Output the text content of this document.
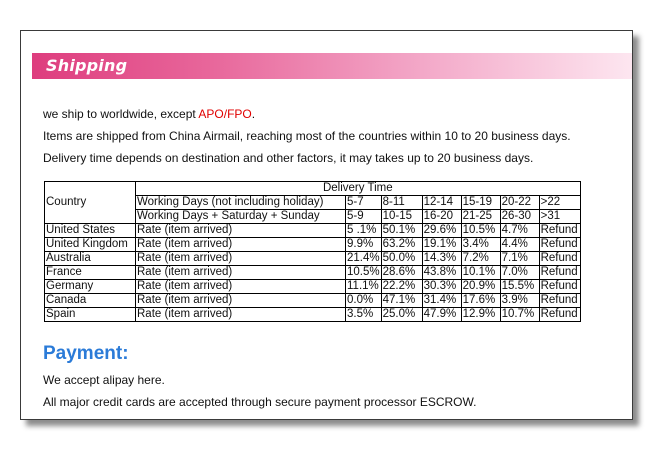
Shipping
we ship to worldwide, except APO/FPO.
Items are shipped from China Airmail, reaching most of the countries within 10 to 20 business days.
Delivery time depends on destination and other factors, it may takes up to 20 business days.
Country	Delivery Time						
	Working Days (not including holiday)	5-7	8-11	12-14	15-19	20-22	>22
	Working Days + Saturday + Sunday	5-9	10-15	16-20	21-25	26-30	>31
United States	Rate (item arrived)	5 .1%	50.1%	29.6%	10.5%	4.7%	Refund
United Kingdom	Rate (item arrived)	9.9%	63.2%	19.1%	3.4%	4.4%	Refund
Australia	Rate (item arrived)	21.4%	50.0%	14.3%	7.2%	7.1%	Refund
France	Rate (item arrived)	10.5%	28.6%	43.8%	10.1%	7.0%	Refund
Germany	Rate (item arrived)	11.1%	22.2%	30.3%	20.9%	15.5%	Refund
Canada	Rate (item arrived)	0.0%	47.1%	31.4%	17.6%	3.9%	Refund
Spain	Rate (item arrived)	3.5%	25.0%	47.9%	12.9%	10.7%	Refund
Payment:
We accept alipay here.
All major credit cards are accepted through secure payment processor ESCROW.
